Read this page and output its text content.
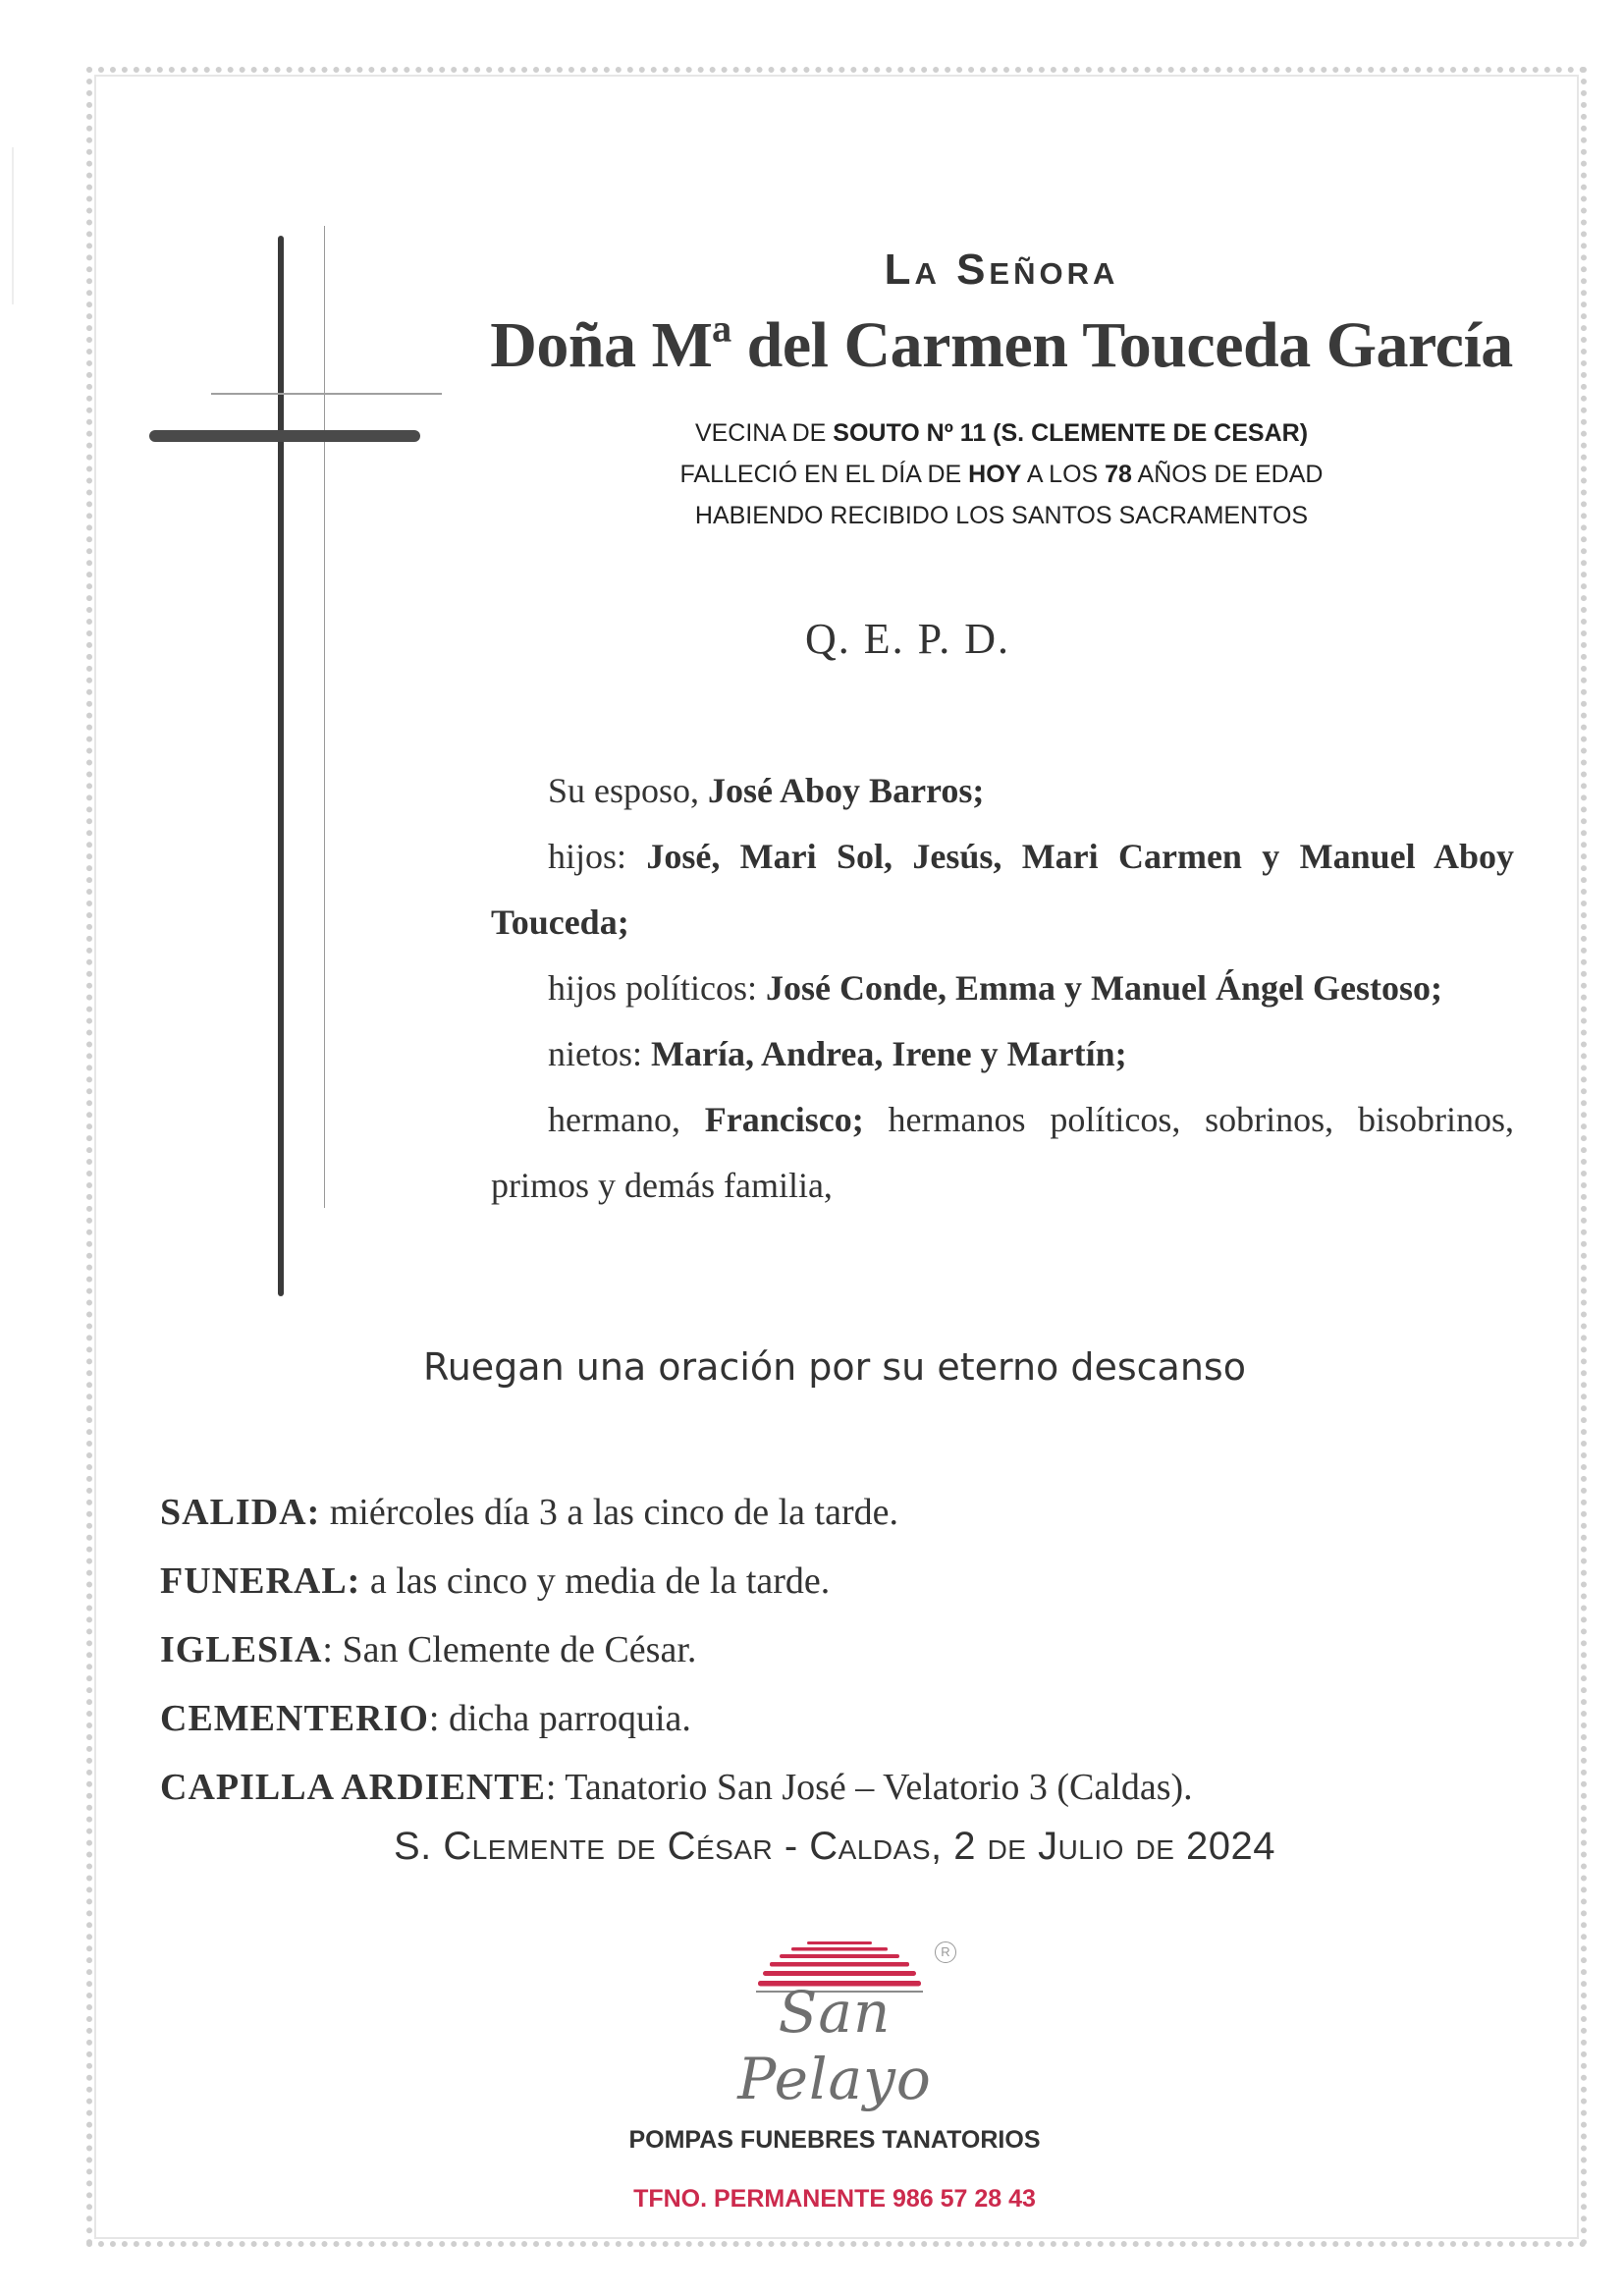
La Señora
Doña Mª del Carmen Touceda García
VECINA DE SOUTO Nº 11 (S. CLEMENTE DE CESAR)
FALLECIÓ EN EL DÍA DE HOY A LOS 78 AÑOS DE EDAD
HABIENDO RECIBIDO LOS SANTOS SACRAMENTOS
Q. E. P. D.

Su esposo, José Aboy Barros;

hijos: José, Mari Sol, Jesús, Mari Carmen y Manuel Aboy Touceda;

hijos políticos: José Conde, Emma y Manuel Ángel Gestoso;

nietos: María, Andrea, Irene y Martín;

hermano, Francisco; hermanos políticos, sobrinos, bisobrinos, primos y demás familia,

Ruegan una oración por su eterno descanso
SALIDA: miércoles día 3 a las cinco de la tarde.
FUNERAL: a las cinco y media de la tarde.
IGLESIA: San Clemente de César.
CEMENTERIO: dicha parroquia.
CAPILLA ARDIENTE: Tanatorio San José – Velatorio 3 (Caldas).
S. Clemente de César - Caldas, 2 de Julio de 2024
R
San Pelayo
POMPAS FUNEBRES TANATORIOS
TFNO. PERMANENTE 986 57 28 43
